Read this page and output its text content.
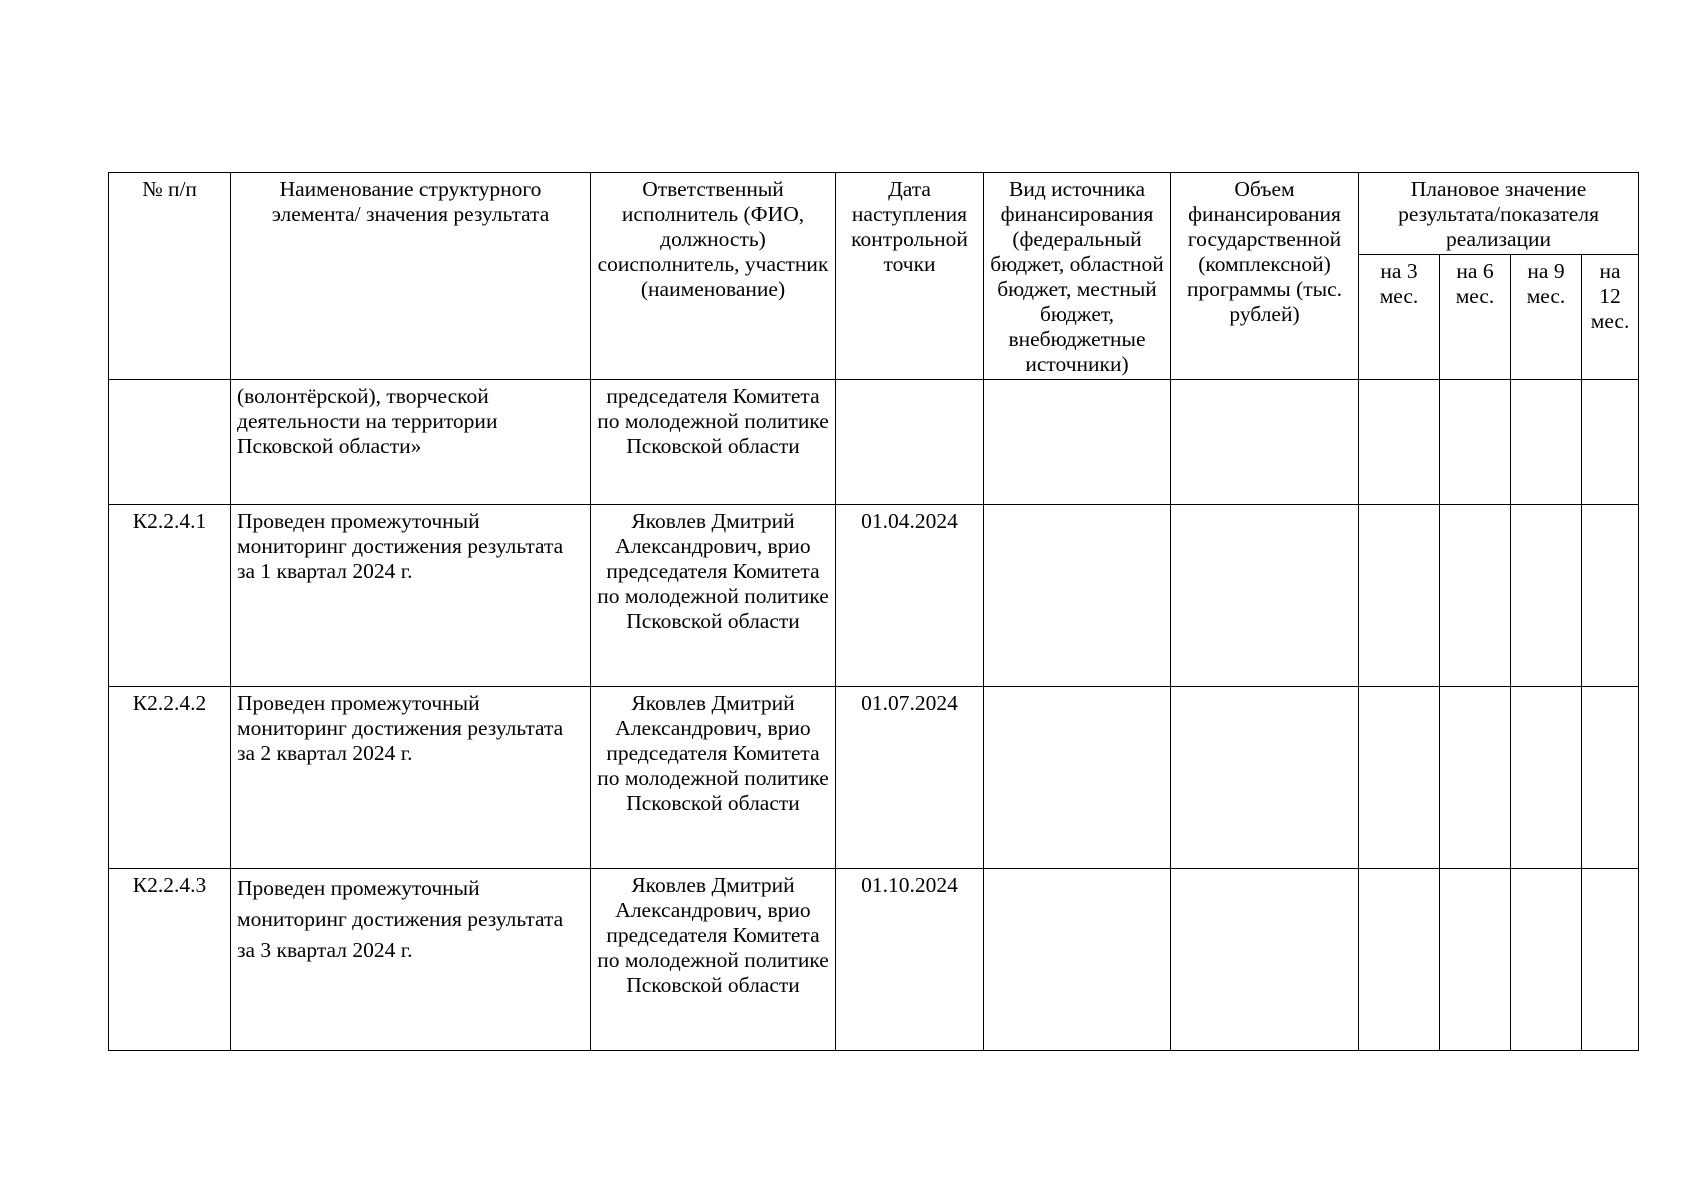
№ п/п	Наименование структурного элемента/ значения результата	Ответственный исполнитель (ФИО, должность) соисполнитель, участник (наименование)	Дата наступления контрольной точки	Вид источника финансирования (федеральный бюджет, областной бюджет, местный бюджет, внебюджетные источники)	Объем финансирования государственной (комплексной) программы (тыс. рублей)	Плановое значение результата/показателя реализации			
						на 3 мес.	на 6 мес.	на 9 мес.	на 12 мес.
	(волонтёрской), творческой деятельности на территории Псковской области»	председателя Комитета по молодежной политике Псковской области							
К2.2.4.1	Проведен промежуточный мониторинг достижения результата за 1 квартал 2024 г.	Яковлев Дмитрий Александрович, врио председателя Комитета по молодежной политике Псковской области	01.04.2024						
К2.2.4.2	Проведен промежуточный мониторинг достижения результата за 2 квартал 2024 г.	Яковлев Дмитрий Александрович, врио председателя Комитета по молодежной политике Псковской области	01.07.2024						
К2.2.4.3	Проведен промежуточный мониторинг достижения результата за 3 квартал 2024 г.	Яковлев Дмитрий Александрович, врио председателя Комитета по молодежной политике Псковской области	01.10.2024						
